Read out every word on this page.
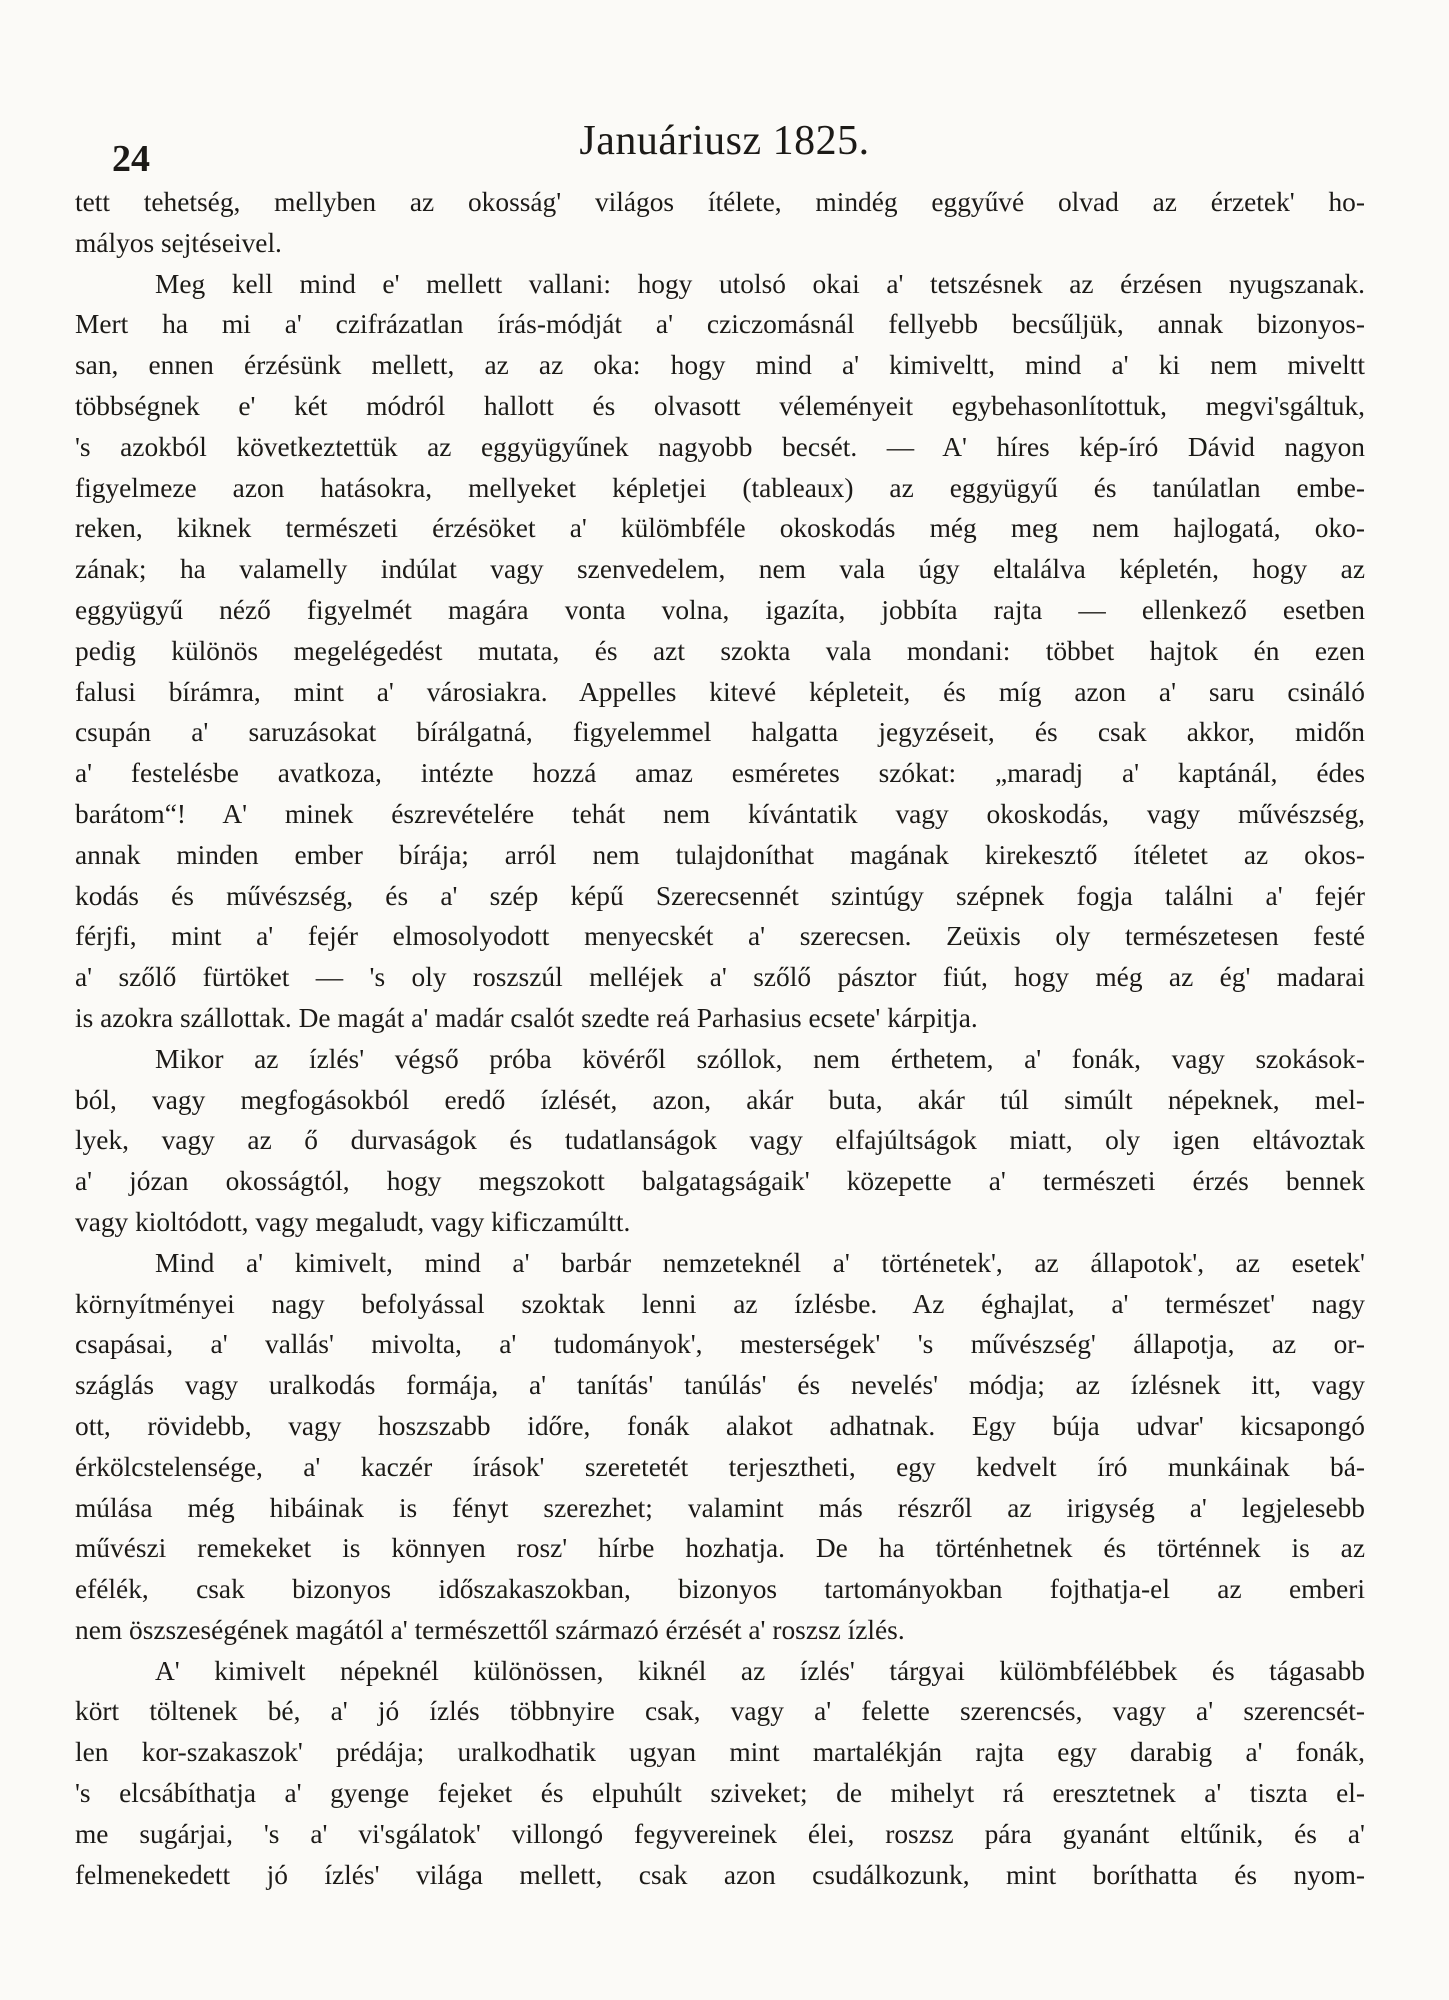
24	Januáriusz 1825.
tett tehetség, mellyben az okosság' világos ítélete, mindég eggyűvé olvad az érzetek' ho-
mályos sejtéseivel.
Meg kell mind e' mellett vallani: hogy utolsó okai a' tetszésnek az érzésen nyugszanak.
Mert ha mi a' czifrázatlan írás-módját a' cziczomásnál fellyebb becsűljük, annak bizonyos-
san, ennen érzésünk mellett, az az oka: hogy mind a' kimiveltt, mind a' ki nem miveltt
többségnek e' két módról hallott és olvasott véleményeit egybehasonlítottuk, megvi'sgáltuk,
's azokból következtettük az eggyügyűnek nagyobb becsét. — A' híres kép-író Dávid nagyon
figyelmeze azon hatásokra, mellyeket képletjei (tableaux) az eggyügyű és tanúlatlan embe-
reken, kiknek természeti érzésöket a' külömbféle okoskodás még meg nem hajlogatá, oko-
zának; ha valamelly indúlat vagy szenvedelem, nem vala úgy eltalálva képletén, hogy az
eggyügyű néző figyelmét magára vonta volna, igazíta, jobbíta rajta — ellenkező esetben
pedig különös megelégedést mutata, és azt szokta vala mondani: többet hajtok én ezen
falusi bírámra, mint a' városiakra. Appelles kitevé képleteit, és míg azon a' saru csináló
csupán a' saruzásokat bírálgatná, figyelemmel halgatta jegyzéseit, és csak akkor, midőn
a' festelésbe avatkoza, intézte hozzá amaz esméretes szókat: „maradj a' kaptánál, édes
barátom“! A' minek észrevételére tehát nem kívántatik vagy okoskodás, vagy művészség,
annak minden ember bírája; arról nem tulajdoníthat magának kirekesztő ítéletet az okos-
kodás és művészség, és a' szép képű Szerecsennét szintúgy szépnek fogja találni a' fejér
férjfi, mint a' fejér elmosolyodott menyecskét a' szerecsen. Zeüxis oly természetesen festé
a' szőlő fürtöket — 's oly roszszúl melléjek a' szőlő pásztor fiút, hogy még az ég' madarai
is azokra szállottak. De magát a' madár csalót szedte reá Parhasius ecsete' kárpitja.
Mikor az ízlés' végső próba kövéről szóllok, nem érthetem, a' fonák, vagy szokások-
ból, vagy megfogásokból eredő ízlését, azon, akár buta, akár túl simúlt népeknek, mel-
lyek, vagy az ő durvaságok és tudatlanságok vagy elfajúltságok miatt, oly igen eltávoztak
a' józan okosságtól, hogy megszokott balgatagságaik' közepette a' természeti érzés bennek
vagy kioltódott, vagy megaludt, vagy kificzamúltt.
Mind a' kimivelt, mind a' barbár nemzeteknél a' történetek', az állapotok', az esetek'
környítményei nagy befolyással szoktak lenni az ízlésbe. Az éghajlat, a' természet' nagy
csapásai, a' vallás' mivolta, a' tudományok', mesterségek' 's művészség' állapotja, az or-
száglás vagy uralkodás formája, a' tanítás' tanúlás' és nevelés' módja; az ízlésnek itt, vagy
ott, rövidebb, vagy hoszszabb időre, fonák alakot adhatnak. Egy búja udvar' kicsapongó
érkölcstelensége, a' kaczér írások' szeretetét terjesztheti, egy kedvelt író munkáinak bá-
múlása még hibáinak is fényt szerezhet; valamint más részről az irigység a' legjelesebb
művészi remekeket is könnyen rosz' hírbe hozhatja. De ha történhetnek és történnek is az
efélék, csak bizonyos időszakaszokban, bizonyos tartományokban fojthatja-el az emberi
nem öszszeségének magától a' természettől származó érzését a' roszsz ízlés.
A' kimivelt népeknél különössen, kiknél az ízlés' tárgyai külömbfélébbek és tágasabb
kört töltenek bé, a' jó ízlés többnyire csak, vagy a' felette szerencsés, vagy a' szerencsét-
len kor-szakaszok' prédája; uralkodhatik ugyan mint martalékján rajta egy darabig a' fonák,
's elcsábíthatja a' gyenge fejeket és elpuhúlt sziveket; de mihelyt rá eresztetnek a' tiszta el-
me sugárjai, 's a' vi'sgálatok' villongó fegyvereinek élei, roszsz pára gyanánt eltűnik, és a'
felmenekedett jó ízlés' világa mellett, csak azon csudálkozunk, mint boríthatta és nyom-
